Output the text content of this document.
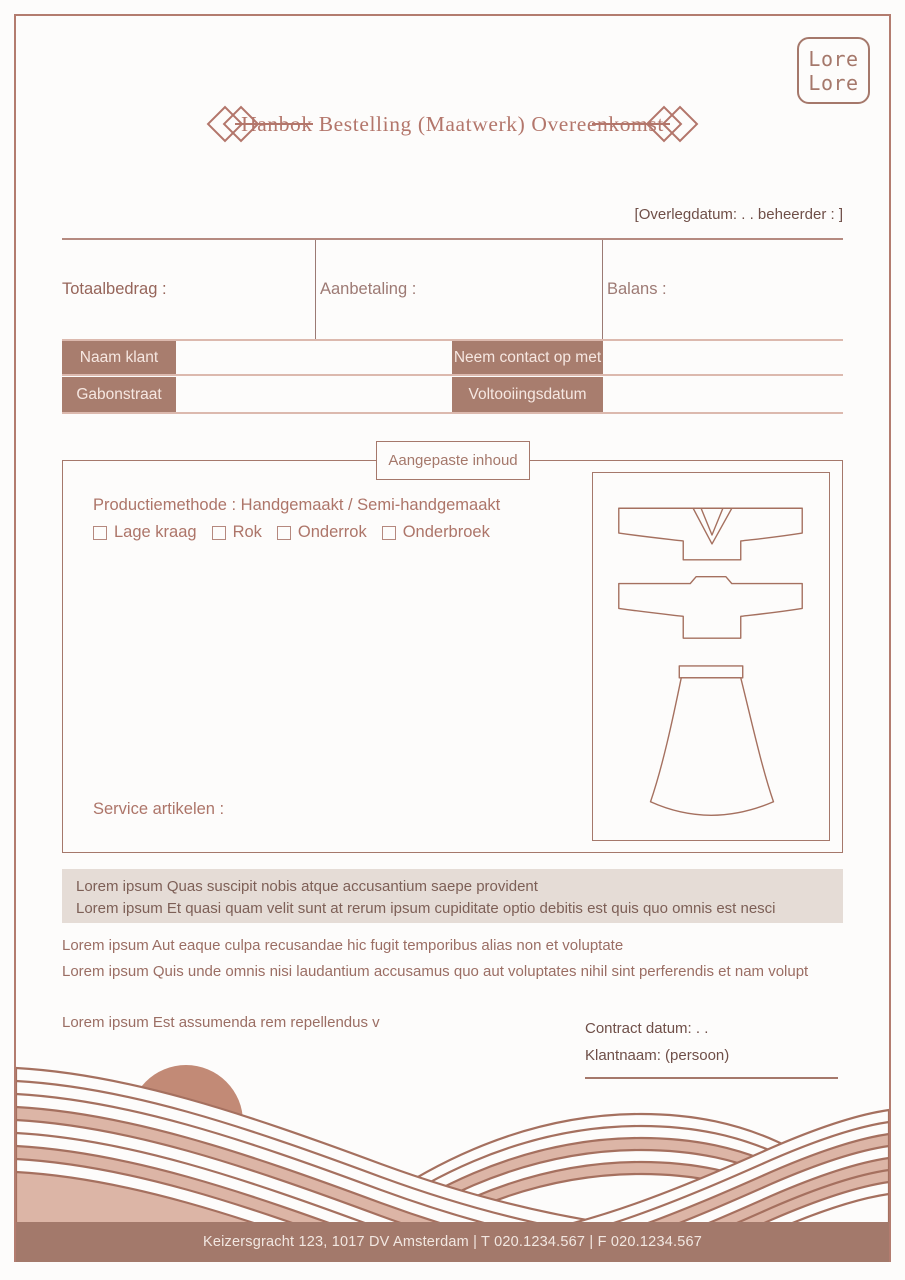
Lore
Lore
Hanbok Bestelling (Maatwerk) Overeenkomst
[Overlegdatum: . . beheerder : ]
Totaalbedrag :	Aanbetaling :	Balans :
Naam klant	Neem contact op met
Gabonstraat	Voltooiingsdatum
Aangepaste inhoud
Productiemethode : Handgemaakt / Semi-handgemaakt
Lage kraag Rok Onderrok Onderbroek
Service artikelen :
Lorem ipsum Quas suscipit nobis atque accusantium saepe provident
Lorem ipsum Et quasi quam velit sunt at rerum ipsum cupiditate optio debitis est quis quo omnis est nesci
Lorem ipsum Aut eaque culpa recusandae hic fugit temporibus alias non et voluptate
Lorem ipsum Quis unde omnis nisi laudantium accusamus quo aut voluptates nihil sint perferendis et nam volupt
Lorem ipsum Est assumenda rem repellendus v	Contract datum: . .
Klantnaam: (persoon)
Keizersgracht 123, 1017 DV Amsterdam | T 020.1234.567 | F 020.1234.567
